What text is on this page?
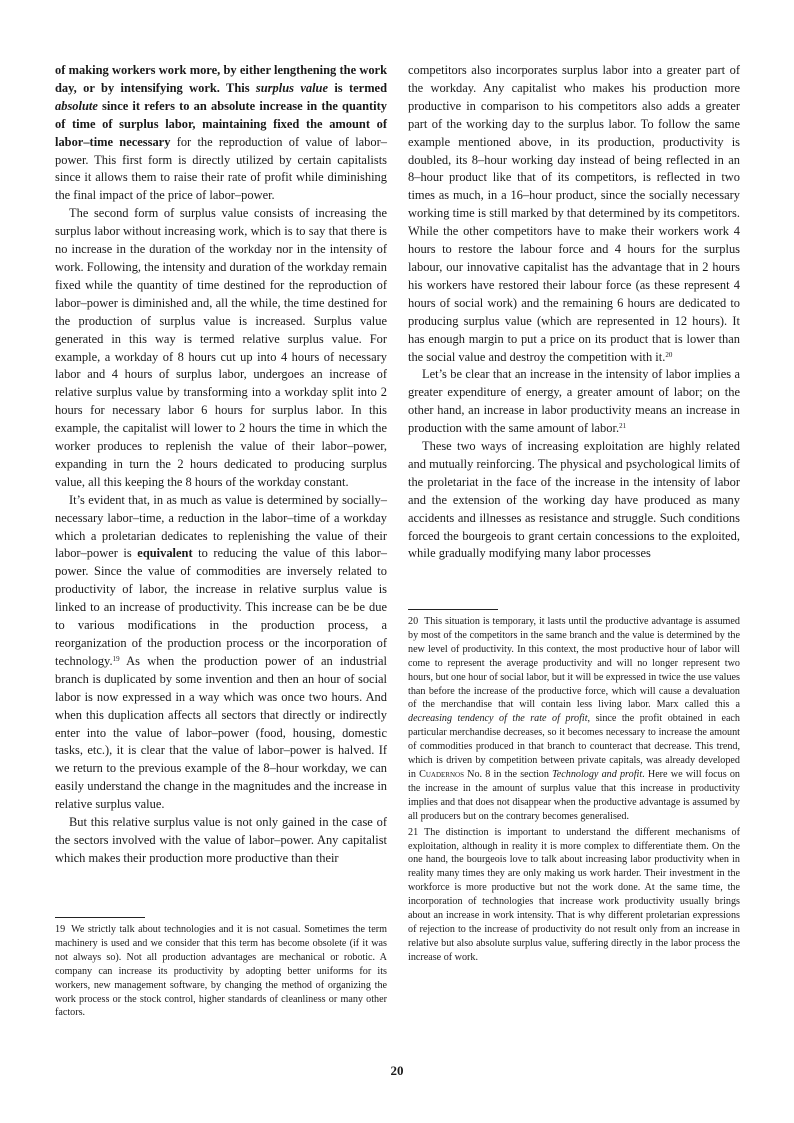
of making workers work more, by either lengthening the work day, or by intensifying work. This surplus value is termed absolute since it refers to an absolute increase in the quantity of time of surplus labor, maintaining fixed the amount of labor–time necessary for the reproduction of value of labor–power. This first form is directly utilized by certain capitalists since it allows them to raise their rate of profit while diminishing the final impact of the price of labor–power.

The second form of surplus value consists of increasing the surplus labor without increasing work, which is to say that there is no increase in the duration of the workday nor in the intensity of work. Following, the intensity and duration of the workday remain fixed while the quantity of time destined for the reproduction of labor–power is diminished and, all the while, the time destined for the production of surplus value is increased. Surplus value generated in this way is termed relative surplus value. For example, a workday of 8 hours cut up into 4 hours of necessary labor and 4 hours of surplus labor, undergoes an increase of relative surplus value by transforming into a workday split into 2 hours for necessary labor 6 hours for surplus labor. In this example, the capitalist will lower to 2 hours the time in which the worker produces to replenish the value of their labor–power, expanding in turn the 2 hours dedicated to producing surplus value, all this keeping the 8 hours of the workday constant.

It’s evident that, in as much as value is determined by socially–necessary labor–time, a reduction in the labor–time of a workday which a proletarian dedicates to replenishing the value of their labor–power is equivalent to reducing the value of this labor–power. Since the value of commodities are inversely related to productivity of labor, the increase in relative surplus value is linked to an increase of productivity. This increase can be be due to various modifications in the production process, a reorganization of the production process or the incorporation of technology.$^{19}$ As when the production power of an industrial branch is duplicated by some invention and then an hour of social labor is now expressed in a way which was once two hours. And when this duplication affects all sectors that directly or indirectly enter into the value of labor–power (food, housing, domestic tasks, etc.), it is clear that the value of labor–power is halved. If we return to the previous example of the 8–hour workday, we can easily understand the change in the magnitudes and the increase in relative surplus value.

But this relative surplus value is not only gained in the case of the sectors involved with the value of labor–power. Any capitalist which makes their production more productive than their

competitors also incorporates surplus labor into a greater part of the workday. Any capitalist who makes his production more productive in comparison to his competitors also adds a greater part of the working day to the surplus labor. To follow the same example mentioned above, in its production, productivity is doubled, its 8–hour working day instead of being reflected in an 8–hour product like that of its competitors, is reflected in two times as much, in a 16–hour product, since the socially necessary working time is still marked by that determined by its competitors. While the other competitors have to make their workers work 4 hours to restore the labour force and 4 hours for the surplus labour, our innovative capitalist has the advantage that in 2 hours his workers have restored their labour force (as these represent 4 hours of social work) and the remaining 6 hours are dedicated to producing surplus value (which are represented in 12 hours). It has enough margin to put a price on its product that is lower than the social value and destroy the competition with it.$^{20}$

Let’s be clear that an increase in the intensity of labor implies a greater expenditure of energy, a greater amount of labor; on the other hand, an increase in labor productivity means an increase in production with the same amount of labor.$^{21}$

These two ways of increasing exploitation are highly related and mutually reinforcing. The physical and psychological limits of the proletariat in the face of the increase in the intensity of labor and the extension of the working day have produced as many accidents and illnesses as resistance and struggle. Such conditions forced the bourgeois to grant certain concessions to the exploited, while gradually modifying many labor processes

19 We strictly talk about technologies and it is not casual. Sometimes the term machinery is used and we consider that this term has become obsolete (if it was not always so). Not all production advantages are mechanical or robotic. A company can increase its productivity by adopting better uniforms for its workers, new management software, by changing the method of organizing the work process or the stock control, higher standards of cleanliness or many other factors.

20 This situation is temporary, it lasts until the productive advantage is assumed by most of the competitors in the same branch and the value is determined by the new level of productivity. In this context, the most productive hour of labor will come to represent the average productivity and will no longer represent two hours, but one hour of social labor, but it will be expressed in twice the use values than before the increase of the productive force, which will cause a devaluation of the merchandise that will contain less living labor. Marx called this a decreasing tendency of the rate of profit, since the profit obtained in each particular merchandise decreases, so it becomes necessary to increase the amount of commodities produced in that branch to counteract that decrease. This trend, which is driven by competition between private capitals, was already developed in Cuadernos No. 8 in the section Technology and profit. Here we will focus on the increase in the amount of surplus value that this increase in productivity implies and that does not disappear when the productive advantage is assumed by all producers but on the contrary becomes generalised.

21 The distinction is important to understand the different mechanisms of exploitation, although in reality it is more complex to differentiate them. On the one hand, the bourgeois love to talk about increasing labor productivity when in reality many times they are only making us work harder. Their investment in the workforce is more productive but not the work done. At the same time, the incorporation of technologies that increase work productivity usually brings about an increase in work intensity. That is why different proletarian expressions of rejection to the increase of productivity do not result only from an increase in relative but also absolute surplus value, suffering directly in the labor process the increase of work.

20
